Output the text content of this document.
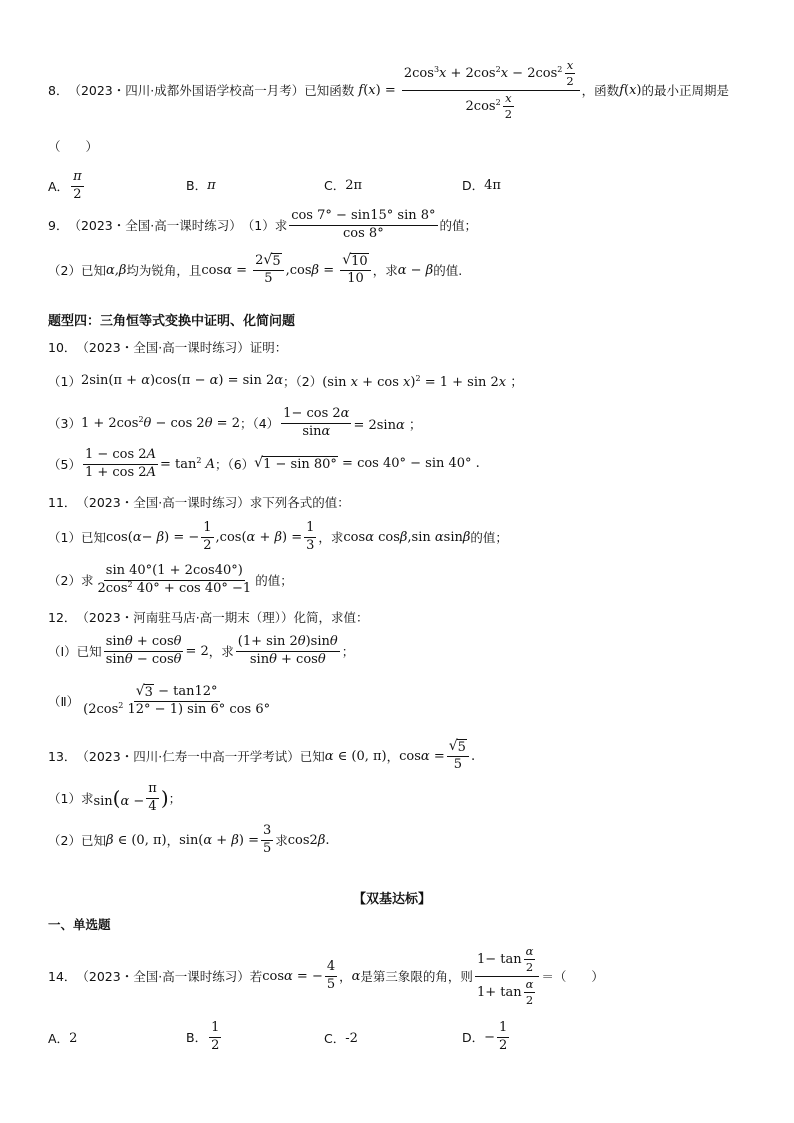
8． （2023・四川·成都外国语学校高一月考） 已知函数 $f(x) = \frac{2\cos^3x + 2\cos^2x - 2\cos^2 \frac{x}{2}}{2\cos^2 \frac{x}{2}}$ ，函数 f(x) 的最小正周期是
（　　）
A． $\frac{\pi}{2}$	B． π	C． 2π	D． 4π
9． （2023・全国·高一课时练习） （1）求 $\frac{\cos 7^\circ - \sin 15^\circ \sin 8^\circ}{\cos 8^\circ}$ 的值；
（2）已知 α,β 均为锐角，且 $\cos\alpha = \frac{2 √ 5}{5} ,\cos\beta = \frac{√ 10}{10}$ ，求 α − β 的值.
题型四：三角恒等式变换中证明、化简问题
10． （2023・全国·高一课时练习） 证明：
（1） 2sin(π + α)cos(π − α) = sin 2α ；（2） (sin x + cos x)$^2$ = 1 + sin 2x ；
（3） $1 + 2\cos^2\theta - \cos 2\theta = 2$ ；$(4) \frac{1- \cos 2\alpha}{\sin\alpha} = 2\sin\alpha$ ；
$(5) \frac{1 - \cos 2A}{1 + \cos 2A} = \tan^2 A$ ；（6） √ 1 − sin 80° = cos 40° − sin 40° .
11． （2023・全国·高一课时练习） 求下列各式的值：
（1）已知 cos(α− β) = − $\frac{1}{2} ,\cos(\alpha + \beta) = \frac{1}{3}$ ，求 cosα cosβ,sin αsinβ 的值；
（2）求 $\frac{\sin 40^\circ(1 + 2\cos 40^\circ)}{2\cos^2 40^\circ + \cos 40^\circ -1}$ 的值；
12． （2023・河南驻马店·高一期末（理）） 化简，求值：
（Ⅰ）已知 $\frac{\sin\theta + \cos\theta}{\sin\theta - \cos\theta} = 2$ ，求 $\frac{(1+ \sin 2\theta)\sin\theta}{\sin\theta + \cos\theta}$ ；
（Ⅱ） $\frac{√ 3 - \tan 12^\circ}{(2\cos^2 12^\circ - 1) \sin 6^\circ \cos 6^\circ}$
13． （2023・四川·仁寿一中高一开学考试） 已知 α ∈ (0, π) ， $\cos\alpha = \frac{√ 5}{5}$ .
（1）求 $\sin(\alpha - \frac{\pi}{4}$ ) ；
（2）已知 β ∈ (0, π) ， $\sin(\alpha + \beta) = \frac{3}{5}$ 求 cos2β.
【双基达标】
一、单选题
14． （2023・全国·高一课时练习） 若 cosα = − $\frac{4}{5}$ ， α 是第三象限的角，则 $\frac{1- \tan \frac{\alpha}{2}}{1+ \tan \frac{\alpha}{2}}$ ＝（　　）
A． 2	B． $\frac{1}{2}$	C． -2	D． − $\frac{1}{2}$
